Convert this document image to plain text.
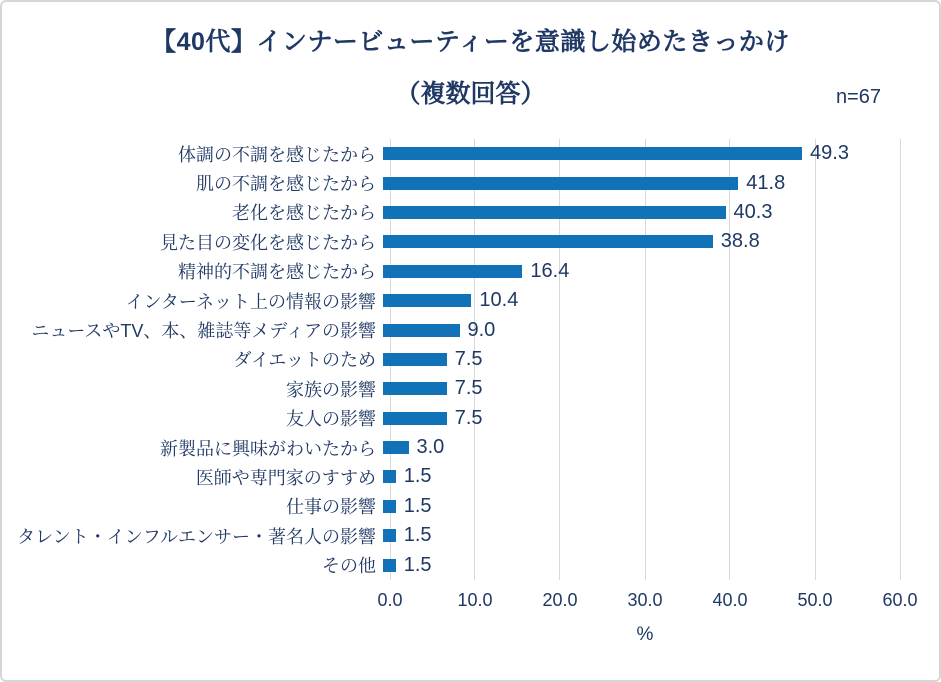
【40代】インナービューティーを意識し始めたきっかけ
（複数回答）	n=67
体調の不調を感じたから	49.3
肌の不調を感じたから	41.8
老化を感じたから	40.3
見た目の変化を感じたから	38.8
精神的不調を感じたから	16.4
インターネット上の情報の影響	10.4
ニュースやTV、本、雑誌等メディアの影響	9.0
ダイエットのため	7.5
家族の影響	7.5
友人の影響	7.5
新製品に興味がわいたから	3.0
医師や専門家のすすめ	1.5
仕事の影響	1.5
タレント・インフルエンサー・著名人の影響	1.5
その他	1.5
0.0	10.0	20.0	30.0	40.0	50.0	60.0
%
